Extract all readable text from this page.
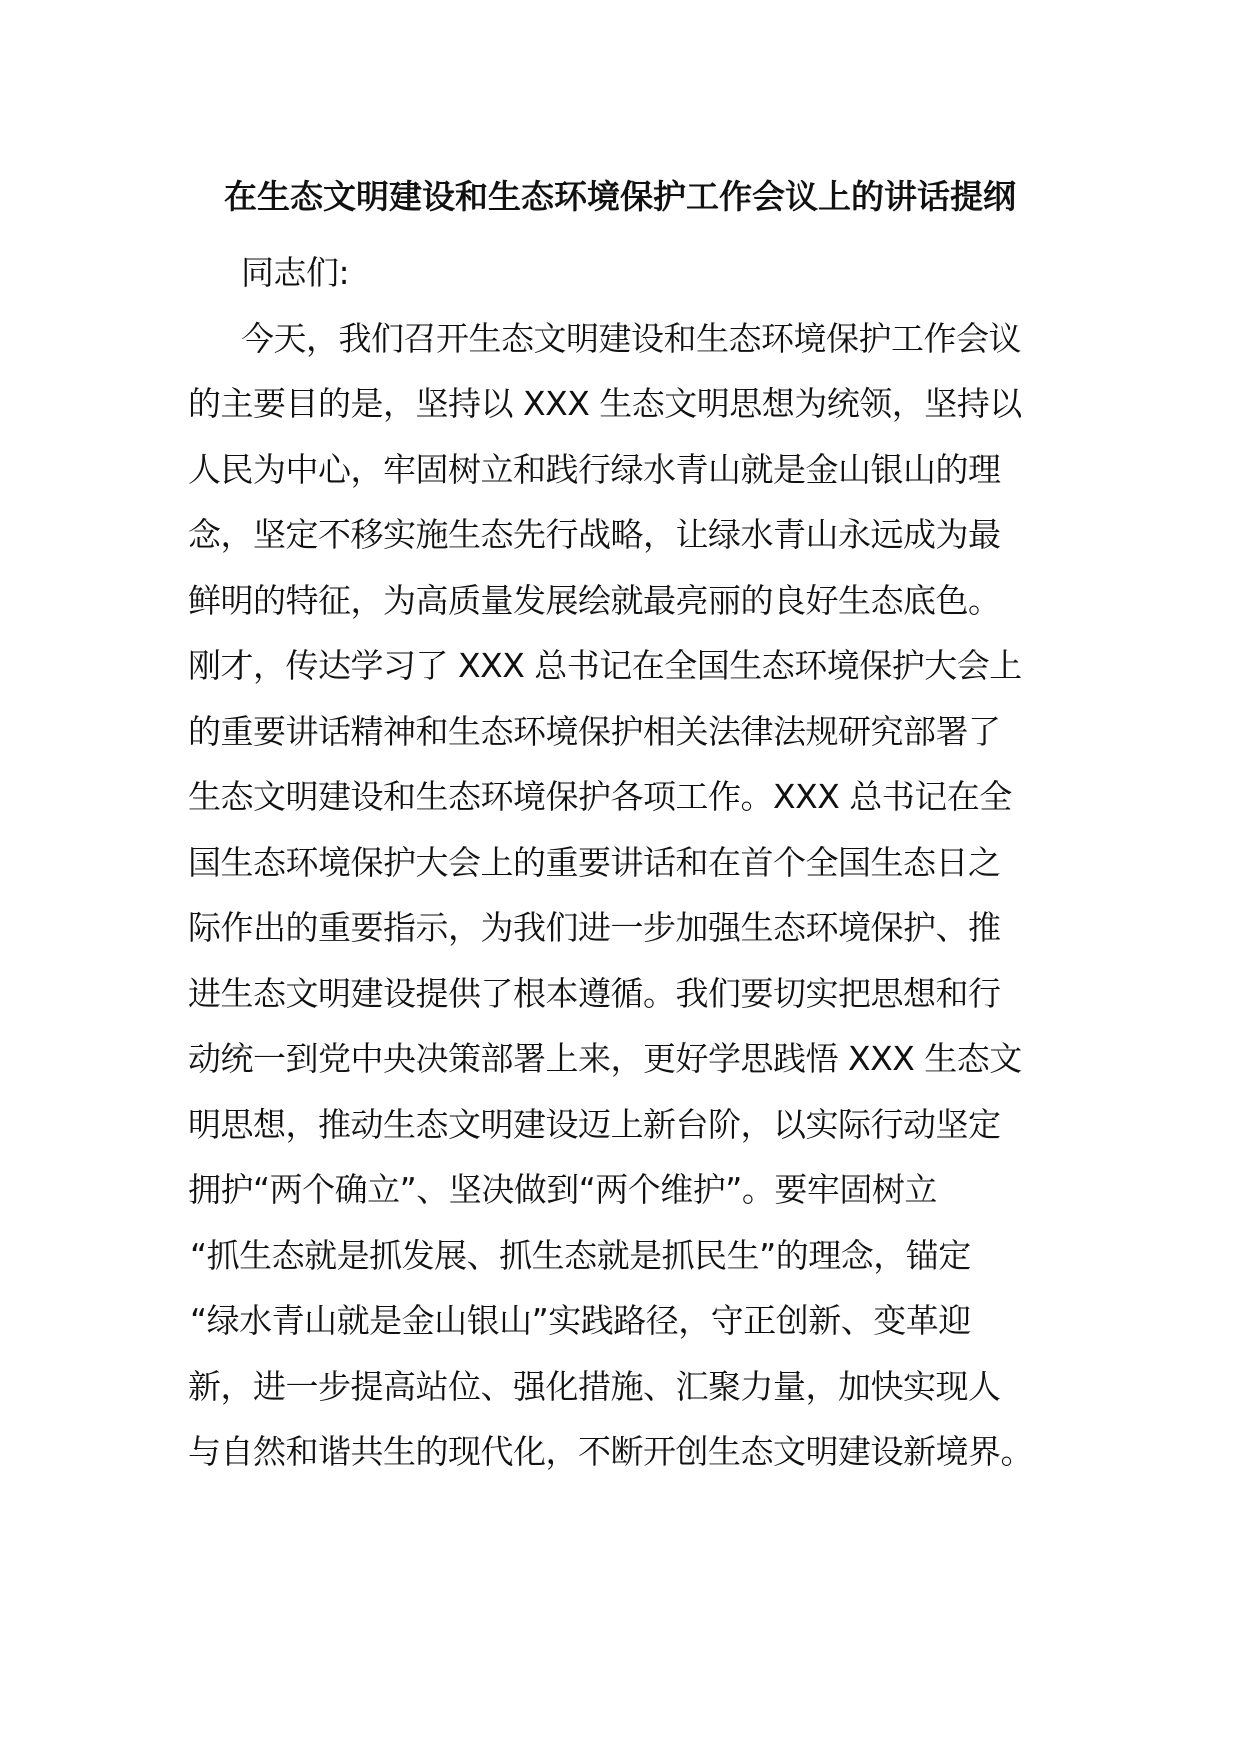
在生态文明建设和生态环境保护工作会议上的讲话提纲
同志们:
今天，我们召开生态文明建设和生态环境保护工作会议
的主要目的是，坚持以 XXX 生态文明思想为统领，坚持以
人民为中心，牢固树立和践行绿水青山就是金山银山的理
念，坚定不移实施生态先行战略，让绿水青山永远成为最
鲜明的特征，为高质量发展绘就最亮丽的良好生态底色。
刚才，传达学习了 XXX 总书记在全国生态环境保护大会上
的重要讲话精神和生态环境保护相关法律法规研究部署了
生态文明建设和生态环境保护各项工作。XXX 总书记在全
国生态环境保护大会上的重要讲话和在首个全国生态日之
际作出的重要指示，为我们进一步加强生态环境保护、推
进生态文明建设提供了根本遵循。我们要切实把思想和行
动统一到党中央决策部署上来，更好学思践悟 XXX 生态文
明思想，推动生态文明建设迈上新台阶，以实际行动坚定
拥护“两个确立”、坚决做到“两个维护”。要牢固树立
“抓生态就是抓发展、抓生态就是抓民生”的理念，锚定
“绿水青山就是金山银山”实践路径，守正创新、变革迎
新，进一步提高站位、强化措施、汇聚力量，加快实现人
与自然和谐共生的现代化，不断开创生态文明建设新境界。
